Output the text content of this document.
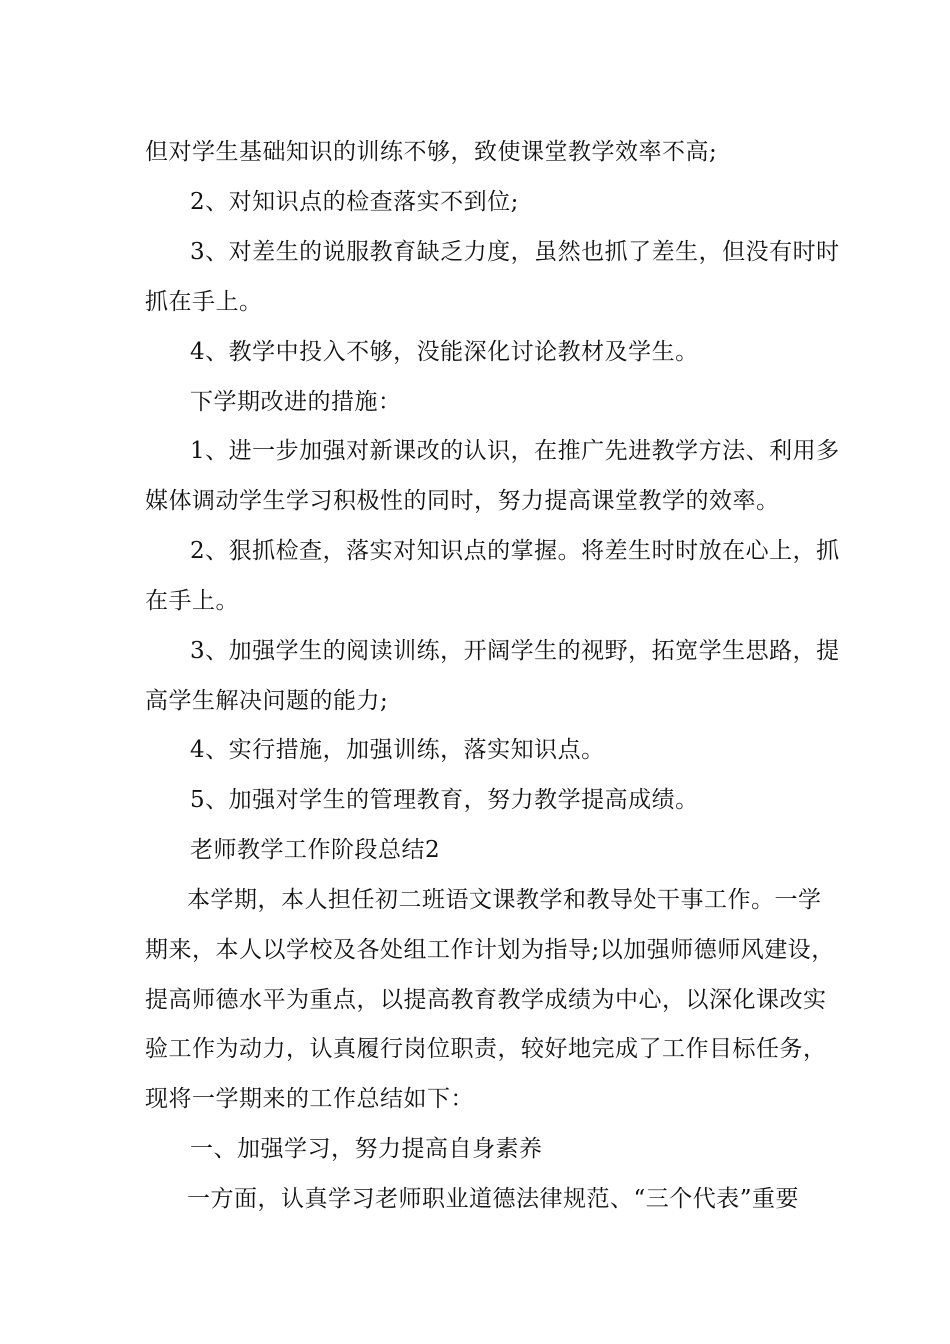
但对学生基础知识的训练不够，致使课堂教学效率不高;
2、对知识点的检查落实不到位;
3、对差生的说服教育缺乏力度，虽然也抓了差生，但没有时时
抓在手上。
4、教学中投入不够，没能深化讨论教材及学生。
下学期改进的措施：
1、进一步加强对新课改的认识，在推广先进教学方法、利用多
媒体调动学生学习积极性的同时，努力提高课堂教学的效率。
2、狠抓检查，落实对知识点的掌握。将差生时时放在心上，抓
在手上。
3、加强学生的阅读训练，开阔学生的视野，拓宽学生思路，提
高学生解决问题的能力;
4、实行措施，加强训练，落实知识点。
5、加强对学生的管理教育，努力教学提高成绩。
老师教学工作阶段总结2
本学期，本人担任初二班语文课教学和教导处干事工作。一学
期来，本人以学校及各处组工作计划为指导;以加强师德师风建设，
提高师德水平为重点，以提高教育教学成绩为中心，以深化课改实
验工作为动力，认真履行岗位职责，较好地完成了工作目标任务，
现将一学期来的工作总结如下：
一、加强学习，努力提高自身素养
一方面，认真学习老师职业道德法律规范、“三个代表”重要
